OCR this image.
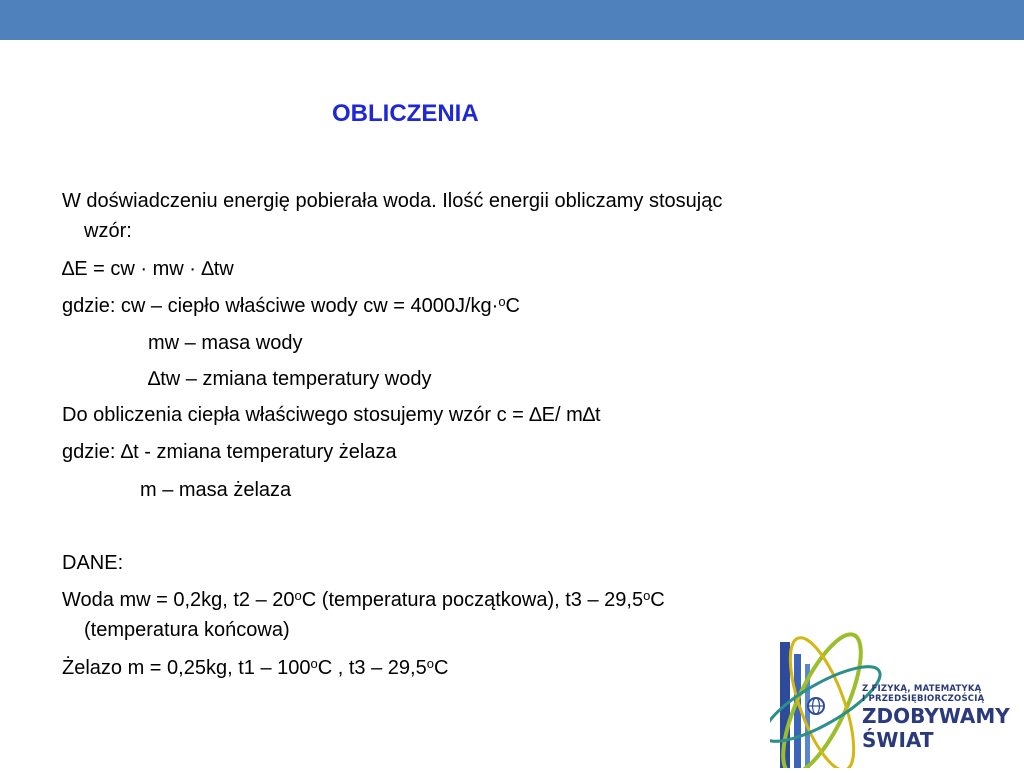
OBLICZENIA
W doświadczeniu energię pobierała woda. Ilość energii obliczamy stosując
wzór:
∆E = cw · mw · ∆tw
gdzie: cw – ciepło właściwe wody cw = 4000J/kg·$^o$C
mw – masa wody
∆tw – zmiana temperatury wody
Do obliczenia ciepła właściwego stosujemy wzór c = ∆E/ m∆t
gdzie: ∆t - zmiana temperatury żelaza
m – masa żelaza
DANE:
Woda mw = 0,2kg, t2 – 20$^o$C (temperatura początkowa), t3 – 29,5$^o$C
(temperatura końcowa)
Żelazo m = 0,25kg, t1 – 100$^o$C , t3 – 29,5$^o$C
Z FIZYKĄ, MATEMATYKĄ
I PRZEDSIĘBIORCZOŚCIĄ
ZDOBYWAMY
ŚWIAT
